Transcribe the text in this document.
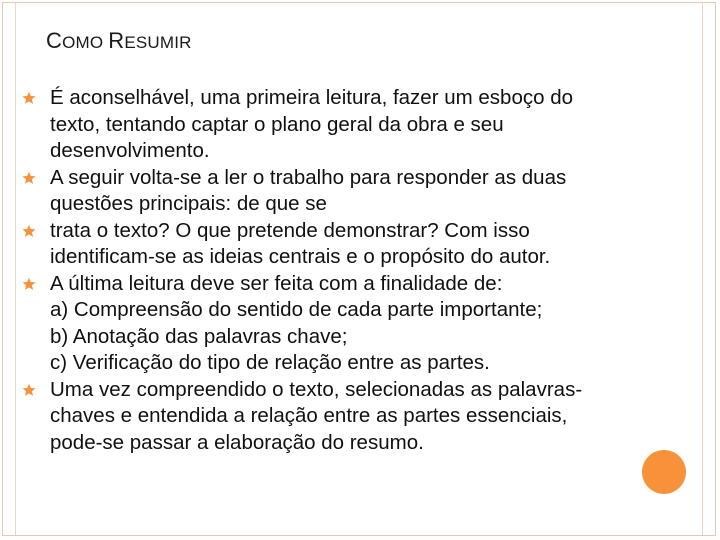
COMO RESUMIR
É aconselhável, uma primeira leitura, fazer um esboço do
texto, tentando captar o plano geral da obra e seu
desenvolvimento.
A seguir volta-se a ler o trabalho para responder as duas
questões principais: de que se
trata o texto? O que pretende demonstrar? Com isso
identificam-se as ideias centrais e o propósito do autor.
A última leitura deve ser feita com a finalidade de:
a) Compreensão do sentido de cada parte importante;
b) Anotação das palavras chave;
c) Verificação do tipo de relação entre as partes.
Uma vez compreendido o texto, selecionadas as palavras-
chaves e entendida a relação entre as partes essenciais,
pode-se passar a elaboração do resumo.
